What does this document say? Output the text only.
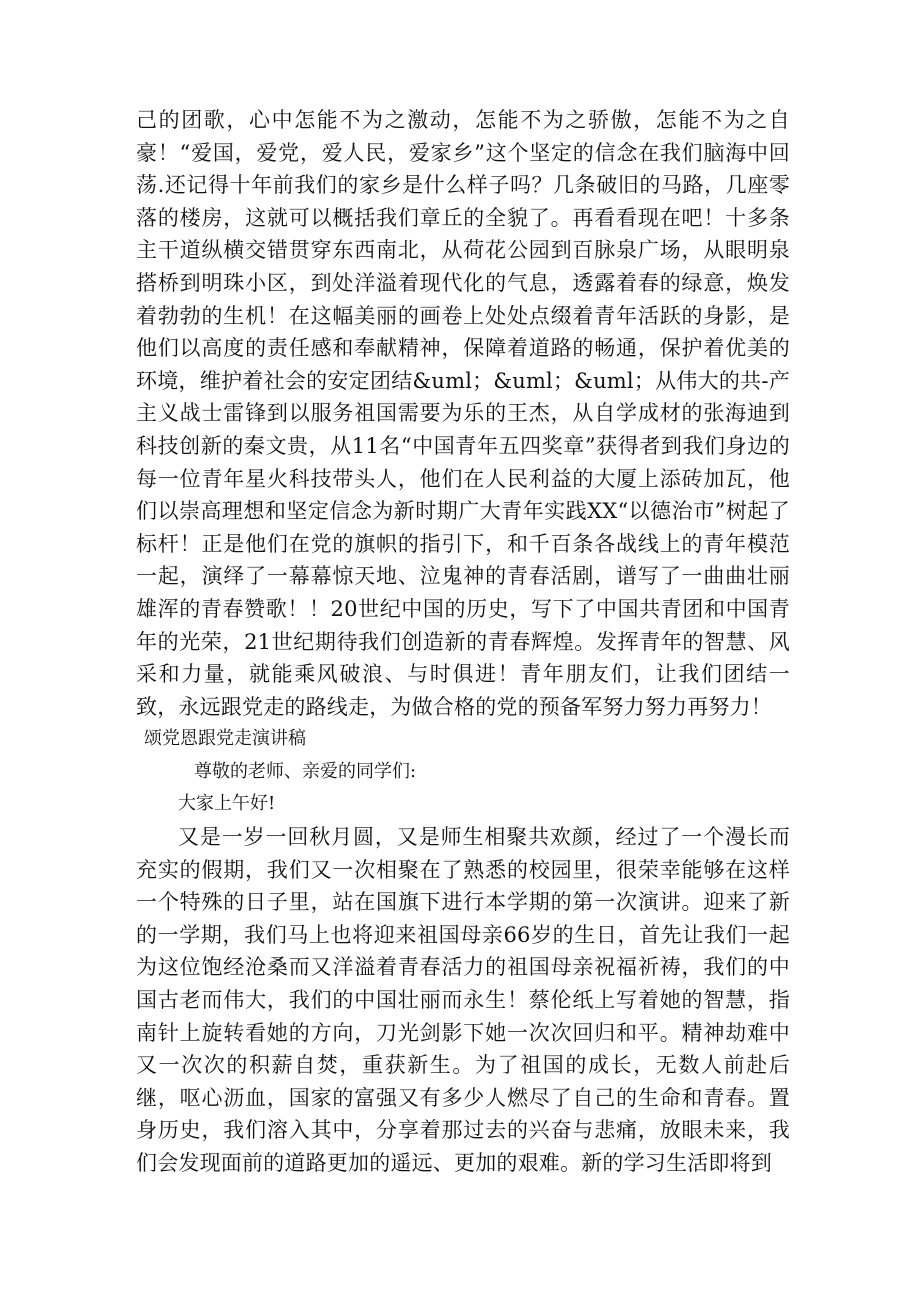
己的团歌，心中怎能不为之激动，怎能不为之骄傲，怎能不为之自豪！“爱国，爱党，爱人民，爱家乡”这个坚定的信念在我们脑海中回荡.还记得十年前我们的家乡是什么样子吗？几条破旧的马路，几座零落的楼房，这就可以概括我们章丘的全貌了。再看看现在吧！十多条主干道纵横交错贯穿东西南北，从荷花公园到百脉泉广场，从眼明泉搭桥到明珠小区，到处洋溢着现代化的气息，透露着春的绿意，焕发着勃勃的生机！在这幅美丽的画卷上处处点缀着青年活跃的身影，是他们以高度的责任感和奉献精神，保障着道路的畅通，保护着优美的环境，维护着社会的安定团结&uml；&uml；&uml；从伟大的共-产主义战士雷锋到以服务祖国需要为乐的王杰，从自学成材的张海迪到科技创新的秦文贵，从11名“中国青年五四奖章”获得者到我们身边的每一位青年星火科技带头人，他们在人民利益的大厦上添砖加瓦，他们以崇高理想和坚定信念为新时期广大青年实践XX“以德治市”树起了标杆！正是他们在党的旗帜的指引下，和千百条各战线上的青年模范一起，演绎了一幕幕惊天地、泣鬼神的青春活剧，谱写了一曲曲壮丽雄浑的青春赞歌！！20世纪中国的历史，写下了中国共青团和中国青年的光荣，21世纪期待我们创造新的青春辉煌。发挥青年的智慧、风采和力量，就能乘风破浪、与时俱进！青年朋友们，让我们团结一致，永远跟党走的路线走，为做合格的党的预备军努力努力再努力！

颂党恩跟党走演讲稿

尊敬的老师、亲爱的同学们:

大家上午好!

又是一岁一回秋月圆，又是师生相聚共欢颜，经过了一个漫长而充实的假期，我们又一次相聚在了熟悉的校园里，很荣幸能够在这样一个特殊的日子里，站在国旗下进行本学期的第一次演讲。迎来了新的一学期，我们马上也将迎来祖国母亲66岁的生日，首先让我们一起为这位饱经沧桑而又洋溢着青春活力的祖国母亲祝福祈祷，我们的中国古老而伟大，我们的中国壮丽而永生！蔡伦纸上写着她的智慧，指南针上旋转看她的方向，刀光剑影下她一次次回归和平。精神劫难中又一次次的积薪自焚，重获新生。为了祖国的成长，无数人前赴后继，呕心沥血，国家的富强又有多少人燃尽了自己的生命和青春。置身历史，我们溶入其中，分享着那过去的兴奋与悲痛，放眼未来，我们会发现面前的道路更加的遥远、更加的艰难。新的学习生活即将到
